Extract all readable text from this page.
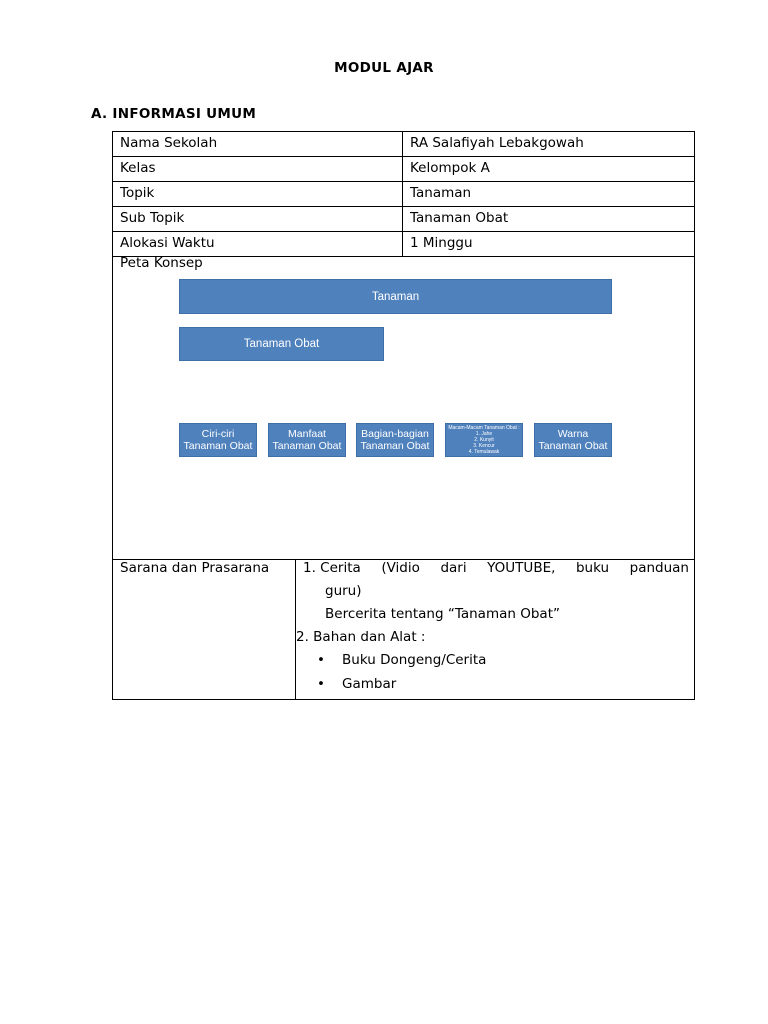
MODUL AJAR
A. INFORMASI UMUM
Nama Sekolah	RA Salafiyah Lebakgowah
Kelas	Kelompok A
Topik	Tanaman
Sub Topik	Tanaman Obat
Alokasi Waktu	1 Minggu
Peta Konsep
Tanaman
Tanaman Obat
Ciri-ciri
Tanaman Obat
Manfaat
Tanaman Obat
Bagian-bagian
Tanaman Obat
Macam-Macam Tanaman Obat :
1. Jahe
2. Kunyit
3. Kencur
4. Temulawak
Warna
Tanaman Obat
Sarana dan Prasarana	1. Cerita (Vidio dari YOUTUBE, buku panduan
guru)
Bercerita tentang “Tanaman Obat”
2. Bahan dan Alat :
• Buku Dongeng/Cerita
• Gambar
